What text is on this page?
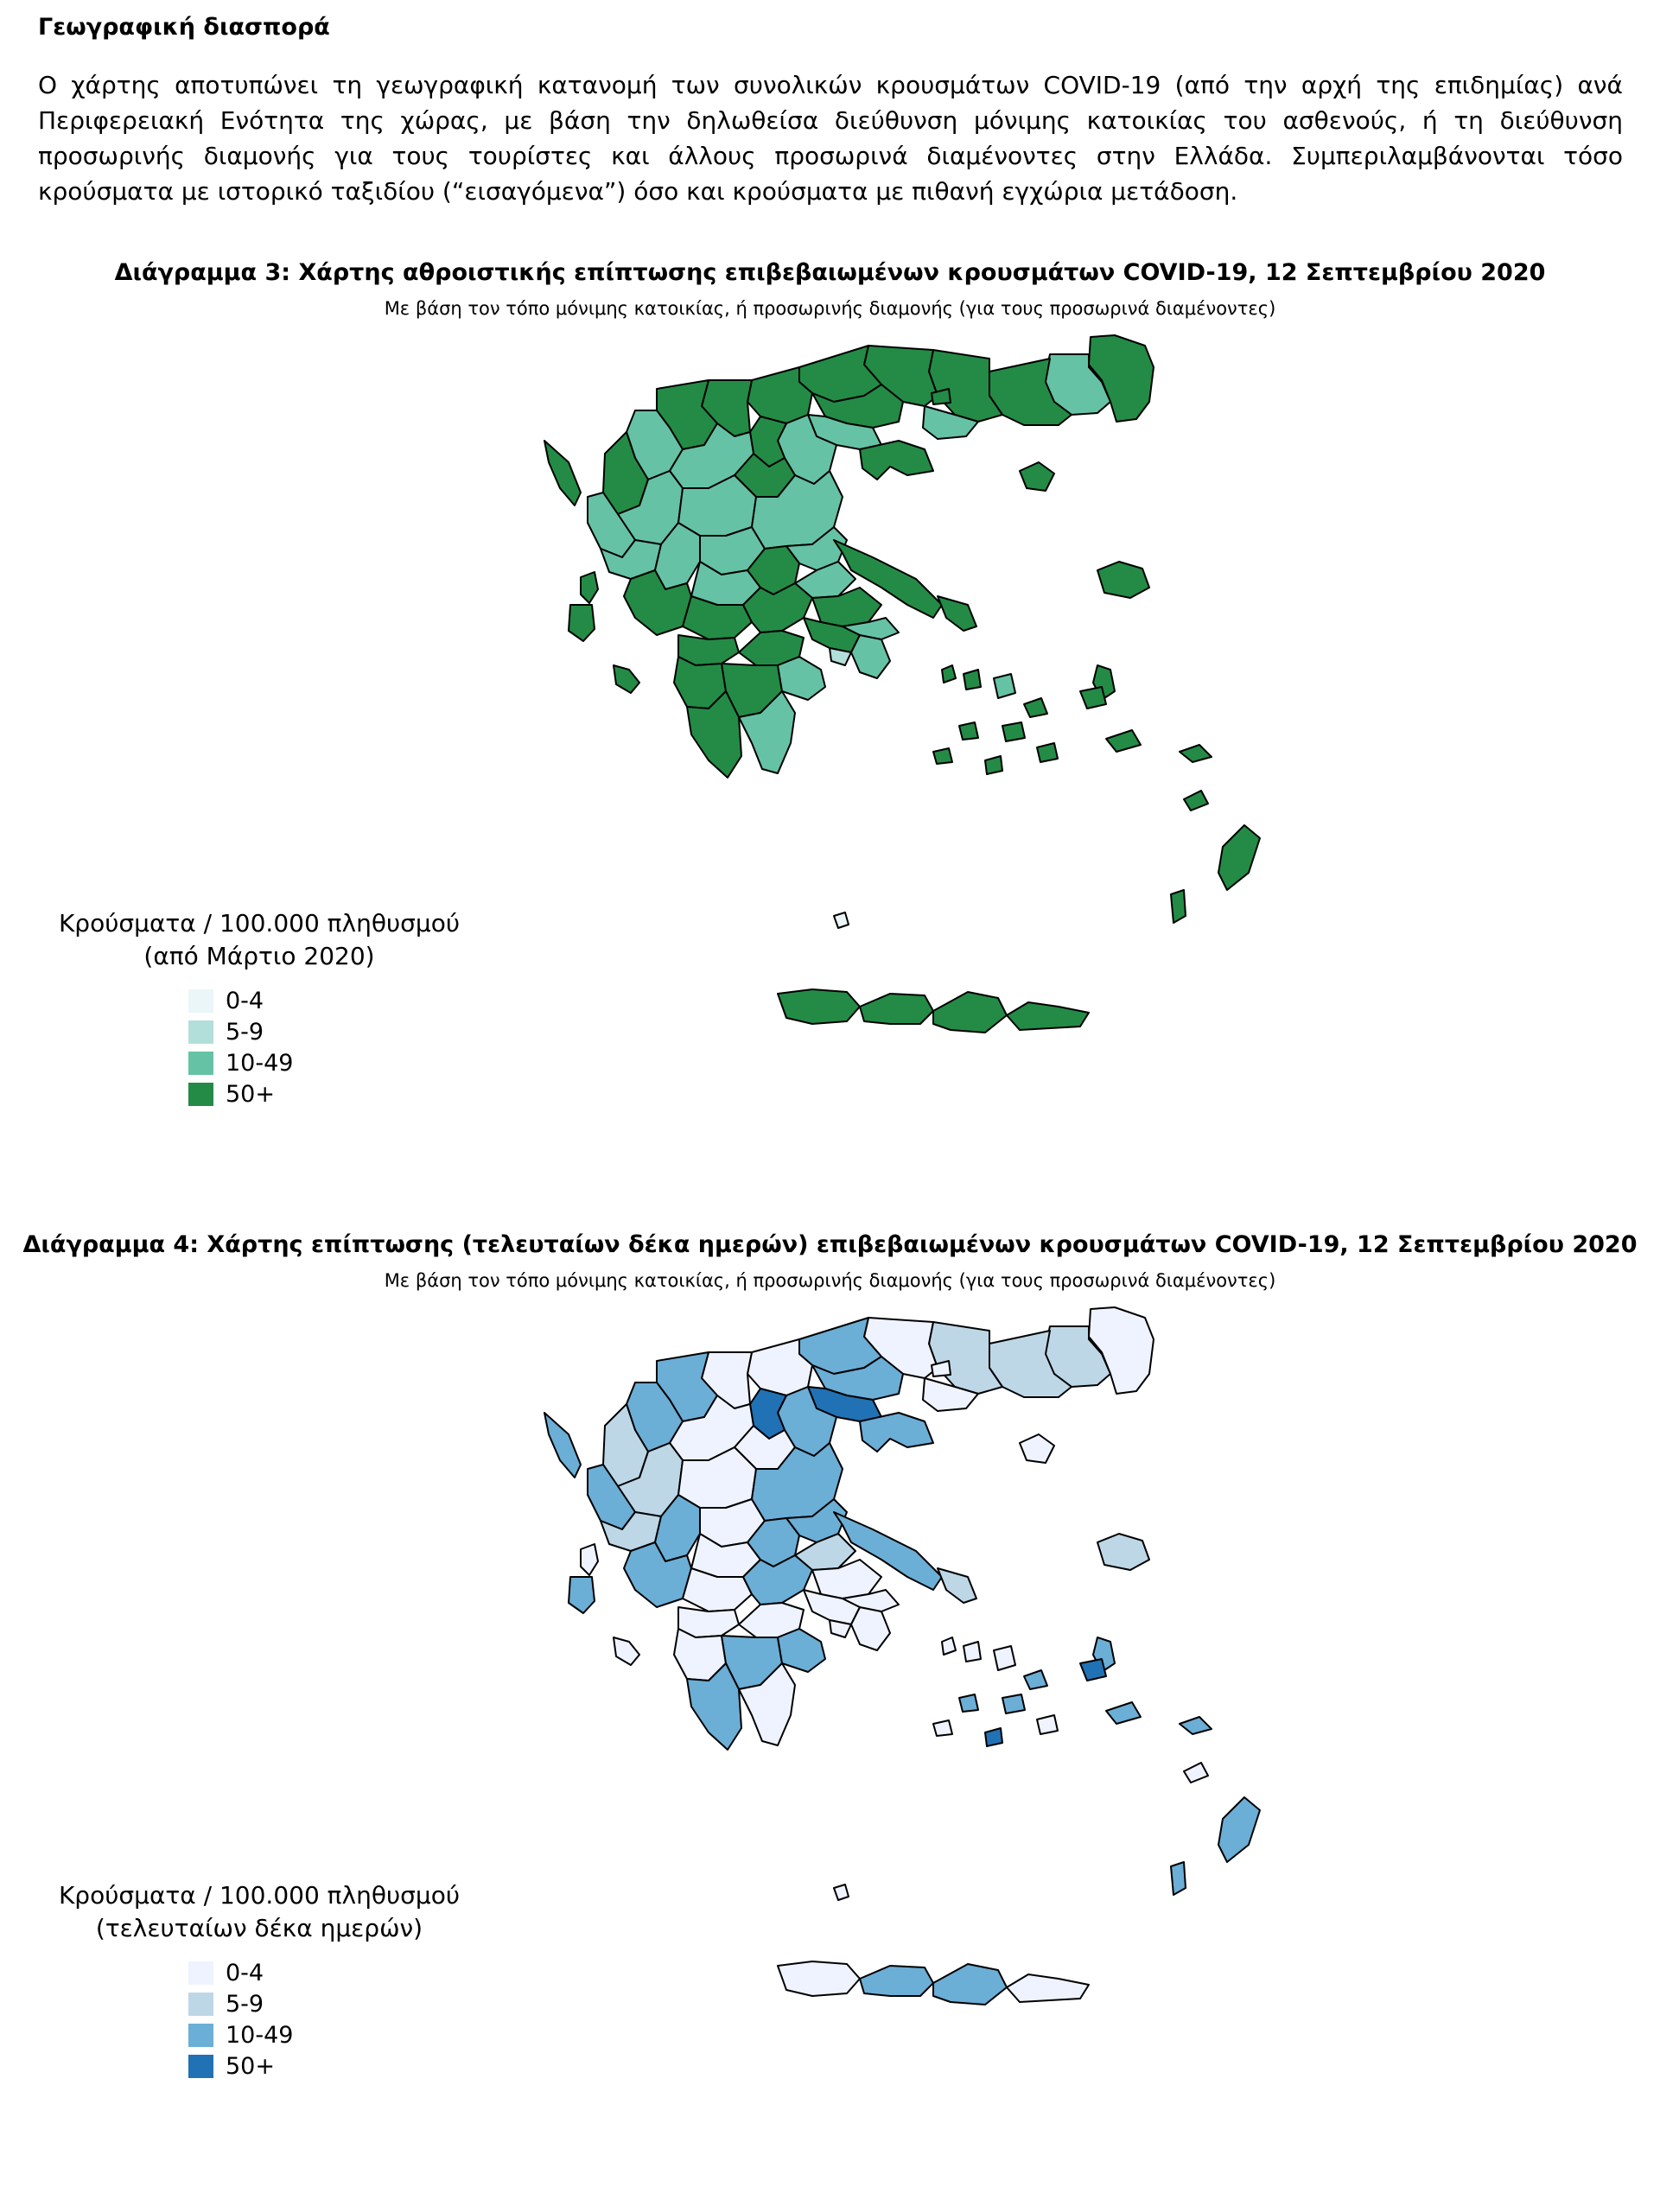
Γεωγραφική διασπορά

Ο χάρτης αποτυπώνει τη γεωγραφική κατανομή των συνολικών κρουσμάτων COVID-19 (από την αρχή της επιδημίας) ανά Περιφερειακή Ενότητα της χώρας, με βάση την δηλωθείσα διεύθυνση μόνιμης κατοικίας του ασθενούς, ή τη διεύθυνση προσωρινής διαμονής για τους τουρίστες και άλλους προσωρινά διαμένοντες στην Ελλάδα. Συμπεριλαμβάνονται τόσο κρούσματα με ιστορικό ταξιδίου (“εισαγόμενα”) όσο και κρούσματα με πιθανή εγχώρια μετάδοση.

Διάγραμμα 3: Χάρτης αθροιστικής επίπτωσης επιβεβαιωμένων κρουσμάτων COVID-19, 12 Σεπτεμβρίου 2020

Με βάση τον τόπο μόνιμης κατοικίας, ή προσωρινής διαμονής (για τους προσωρινά διαμένοντες)

Κρούσματα / 100.000 πληθυσμού
(από Μάρτιο 2020)
0-4
5-9
10-49
50+
Διάγραμμα 4: Χάρτης επίπτωσης (τελευταίων δέκα ημερών) επιβεβαιωμένων κρουσμάτων COVID-19, 12 Σεπτεμβρίου 2020

Με βάση τον τόπο μόνιμης κατοικίας, ή προσωρινής διαμονής (για τους προσωρινά διαμένοντες)

Κρούσματα / 100.000 πληθυσμού
(τελευταίων δέκα ημερών)
0-4
5-9
10-49
50+
